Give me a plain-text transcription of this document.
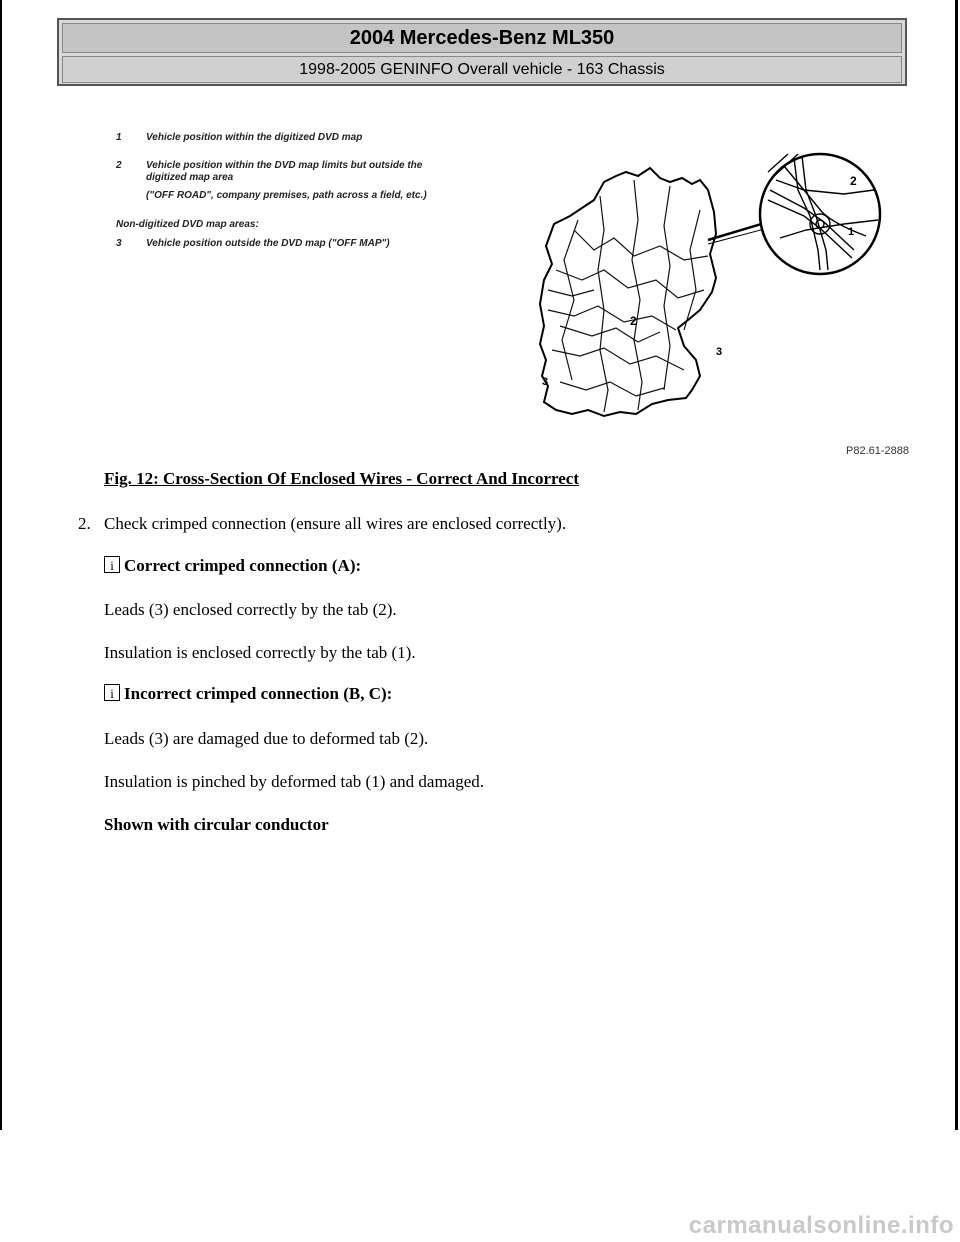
2004 Mercedes-Benz ML350
1998-2005 GENINFO Overall vehicle - 163 Chassis
1 Vehicle position within the digitized DVD map
2 Vehicle position within the DVD map limits but outside the
digitized map area
("OFF ROAD", company premises, path across a field, etc.)
Non-digitized DVD map areas:
3 Vehicle position outside the DVD map ("OFF MAP")
2
3
3
2
1
P82.61-2888
Fig. 12: Cross-Section Of Enclosed Wires - Correct And Incorrect
2. Check crimped connection (ensure all wires are enclosed correctly).
i Correct crimped connection (A):
Leads (3) enclosed correctly by the tab (2).
Insulation is enclosed correctly by the tab (1).
i Incorrect crimped connection (B, C):
Leads (3) are damaged due to deformed tab (2).
Insulation is pinched by deformed tab (1) and damaged.
Shown with circular conductor
carmanualsonline.info
